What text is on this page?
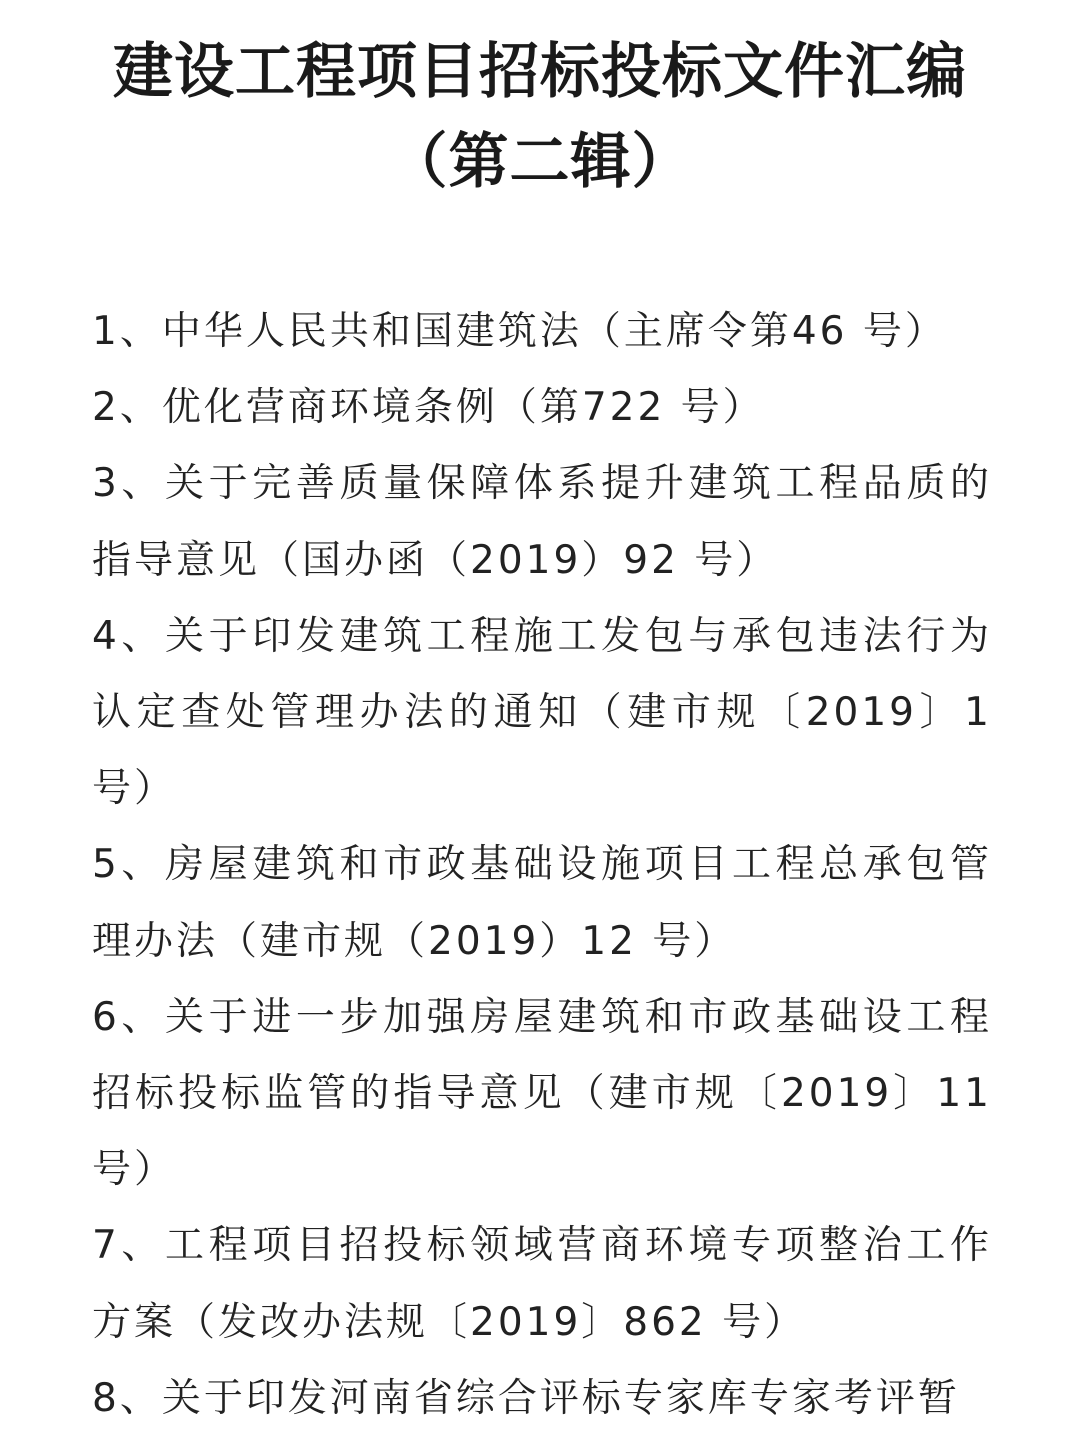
建设工程项目招标投标文件汇编
（第二辑）
1、中华人民共和国建筑法（主席令第46 号）
2、优化营商环境条例（第722 号）
3、关于完善质量保障体系提升建筑工程品质的指导意见（国办函（2019）92 号）
4、关于印发建筑工程施工发包与承包违法行为认定查处管理办法的通知（建市规〔2019〕1 号）
5、房屋建筑和市政基础设施项目工程总承包管理办法（建市规（2019）12 号）
6、关于进一步加强房屋建筑和市政基础设工程招标投标监管的指导意见（建市规〔2019〕11 号）
7、工程项目招投标领域营商环境专项整治工作方案（发改办法规〔2019〕862 号）
8、关于印发河南省综合评标专家库专家考评暂
